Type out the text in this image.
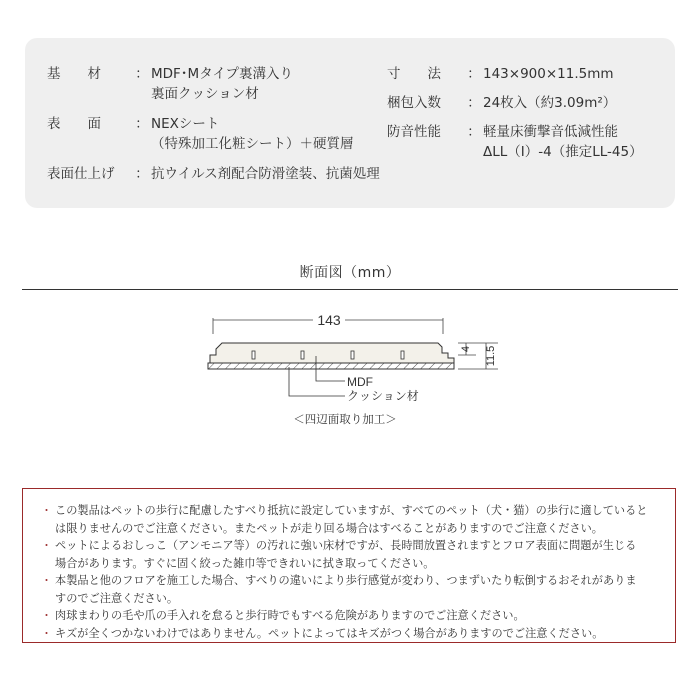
基　　材	： MDF･Mタイプ裏溝入り
裏面クッション材
表　　面	： NEXシート
（特殊加工化粧シート）＋硬質層
表面仕上げ	： 抗ウイルス剤配合防滑塗装、抗菌処理
寸　　法	： 143×900×11.5mm
梱包入数	： 24枚入（約3.09m²）
防音性能	： 軽量床衝撃音低減性能
ΔLL（Ⅰ）-4（推定LL-45）
断面図（mm）
143
4 11.5
MDF
クッション材
＜四辺面取り加工＞
・ この製品はペットの歩行に配慮したすべり抵抗に設定していますが、すべてのペット（犬・猫）の歩行に適していると
は限りませんのでご注意ください。またペットが走り回る場合はすべることがありますのでご注意ください。
・ ペットによるおしっこ（アンモニア等）の汚れに強い床材ですが、長時間放置されますとフロア表面に問題が生じる
場合があります。すぐに固く絞った雑巾等できれいに拭き取ってください。
・ 本製品と他のフロアを施工した場合、すべりの違いにより歩行感覚が変わり、つまずいたり転倒するおそれがありま
すのでご注意ください。
・ 肉球まわりの毛や爪の手入れを怠ると歩行時でもすべる危険がありますのでご注意ください。
・ キズが全くつかないわけではありません。ペットによってはキズがつく場合がありますのでご注意ください。
